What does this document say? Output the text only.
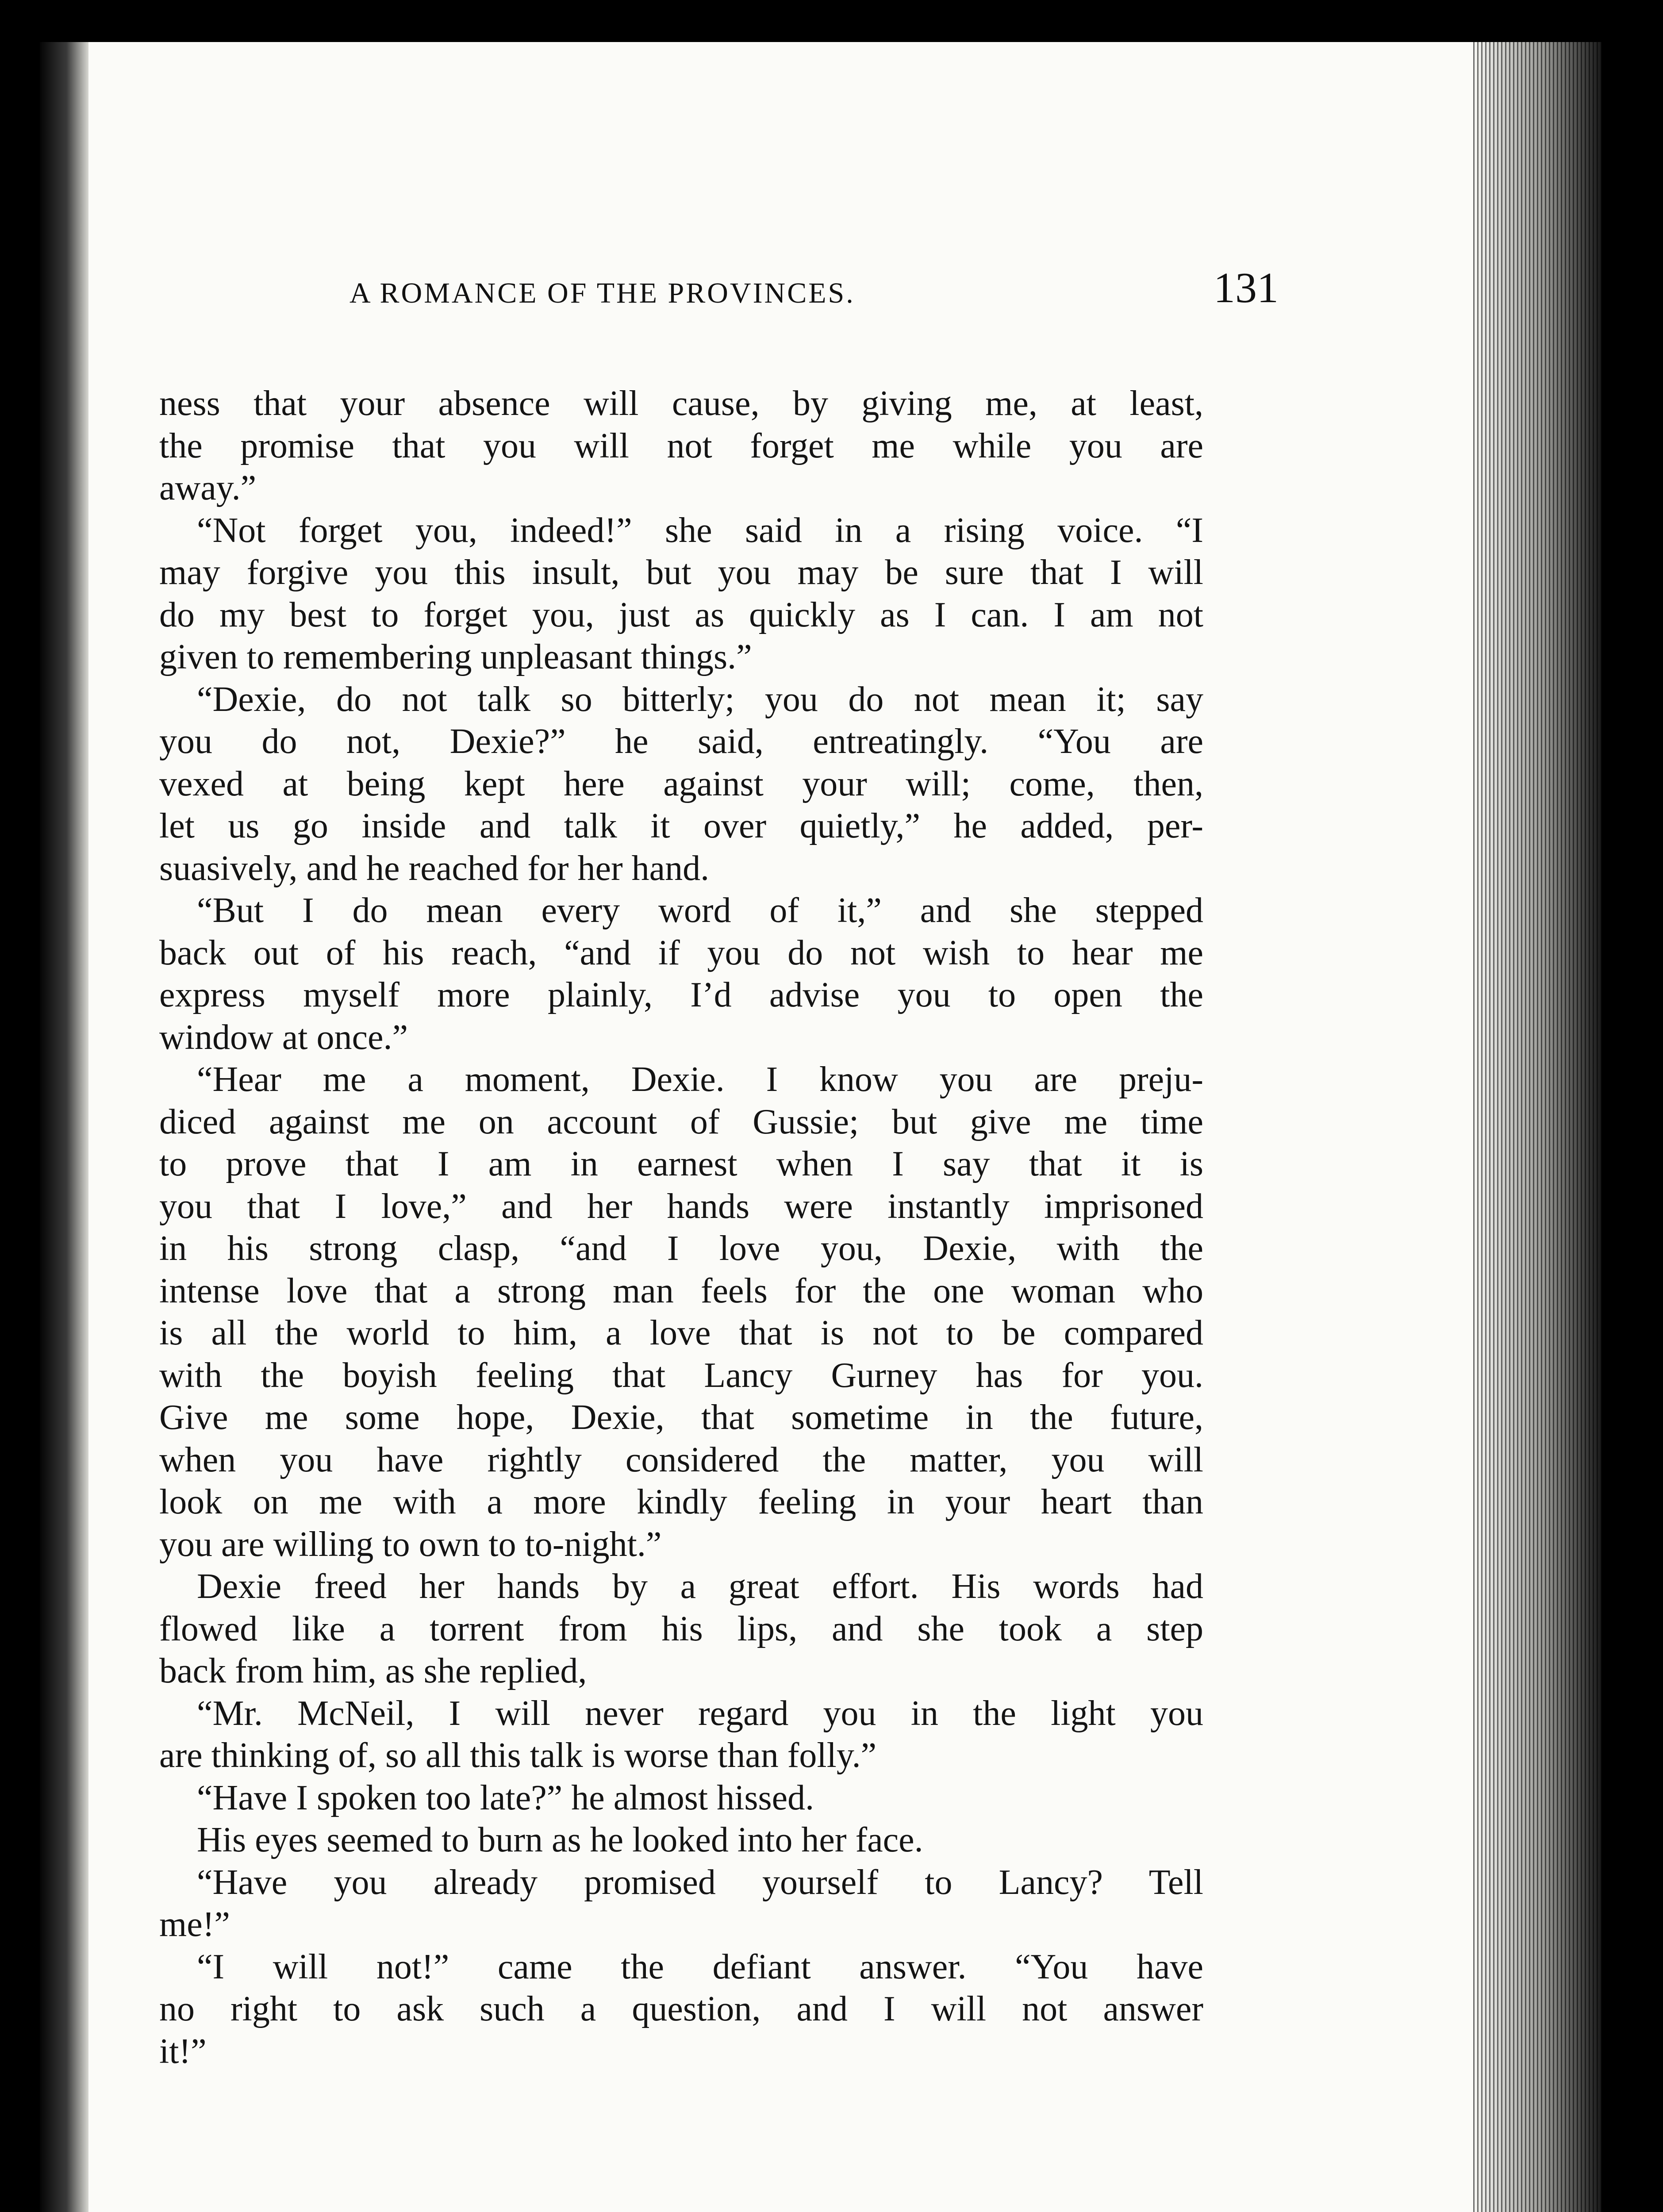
A ROMANCE OF THE PROVINCES.	131
ness that your absence will cause, by giving me, at least,
the promise that you will not forget me while you are
away.”
“Not forget you, indeed!” she said in a rising voice. “I
may forgive you this insult, but you may be sure that I will
do my best to forget you, just as quickly as I can. I am not
given to remembering unpleasant things.”
“Dexie, do not talk so bitterly; you do not mean it; say
you do not, Dexie?” he said, entreatingly. “You are
vexed at being kept here against your will; come, then,
let us go inside and talk it over quietly,” he added, per-
suasively, and he reached for her hand.
“But I do mean every word of it,” and she stepped
back out of his reach, “and if you do not wish to hear me
express myself more plainly, I’d advise you to open the
window at once.”
“Hear me a moment, Dexie. I know you are preju-
diced against me on account of Gussie; but give me time
to prove that I am in earnest when I say that it is
you that I love,” and her hands were instantly imprisoned
in his strong clasp, “and I love you, Dexie, with the
intense love that a strong man feels for the one woman who
is all the world to him, a love that is not to be compared
with the boyish feeling that Lancy Gurney has for you.
Give me some hope, Dexie, that sometime in the future,
when you have rightly considered the matter, you will
look on me with a more kindly feeling in your heart than
you are willing to own to to-night.”
Dexie freed her hands by a great effort. His words had
flowed like a torrent from his lips, and she took a step
back from him, as she replied,
“Mr. McNeil, I will never regard you in the light you
are thinking of, so all this talk is worse than folly.”
“Have I spoken too late?” he almost hissed.
His eyes seemed to burn as he looked into her face.
“Have you already promised yourself to Lancy? Tell
me!”
“I will not!” came the defiant answer. “You have
no right to ask such a question, and I will not answer
it!”
